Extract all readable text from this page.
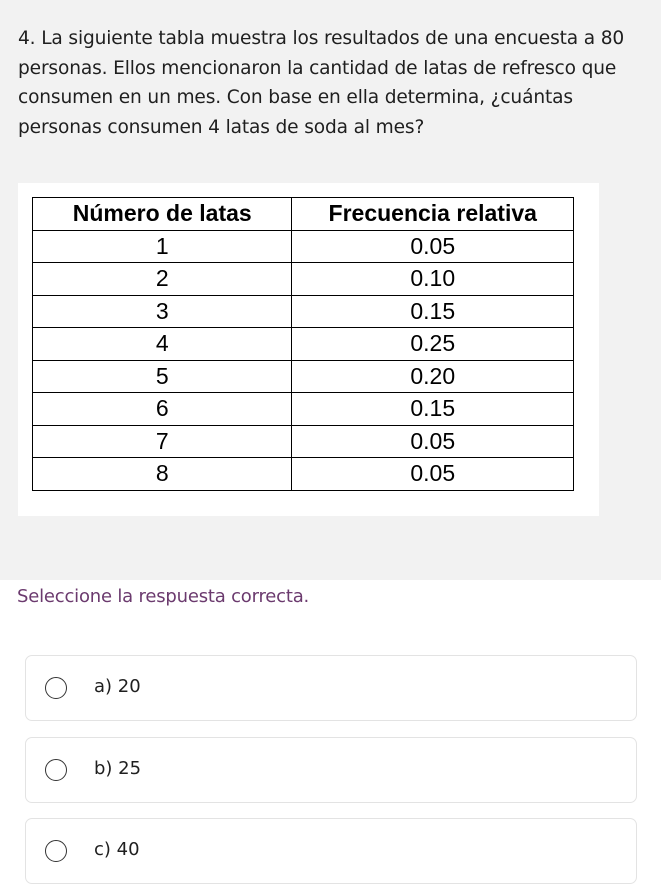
4. La siguiente tabla muestra los resultados de una encuesta a 80
personas. Ellos mencionaron la cantidad de latas de refresco que
consumen en un mes. Con base en ella determina, ¿cuántas
personas consumen 4 latas de soda al mes?

Número de latas	Frecuencia relativa
1	0.05
2	0.10
3	0.15
4	0.25
5	0.20
6	0.15
7	0.05
8	0.05

Seleccione la respuesta correcta.

a) 20
b) 25
c) 40
